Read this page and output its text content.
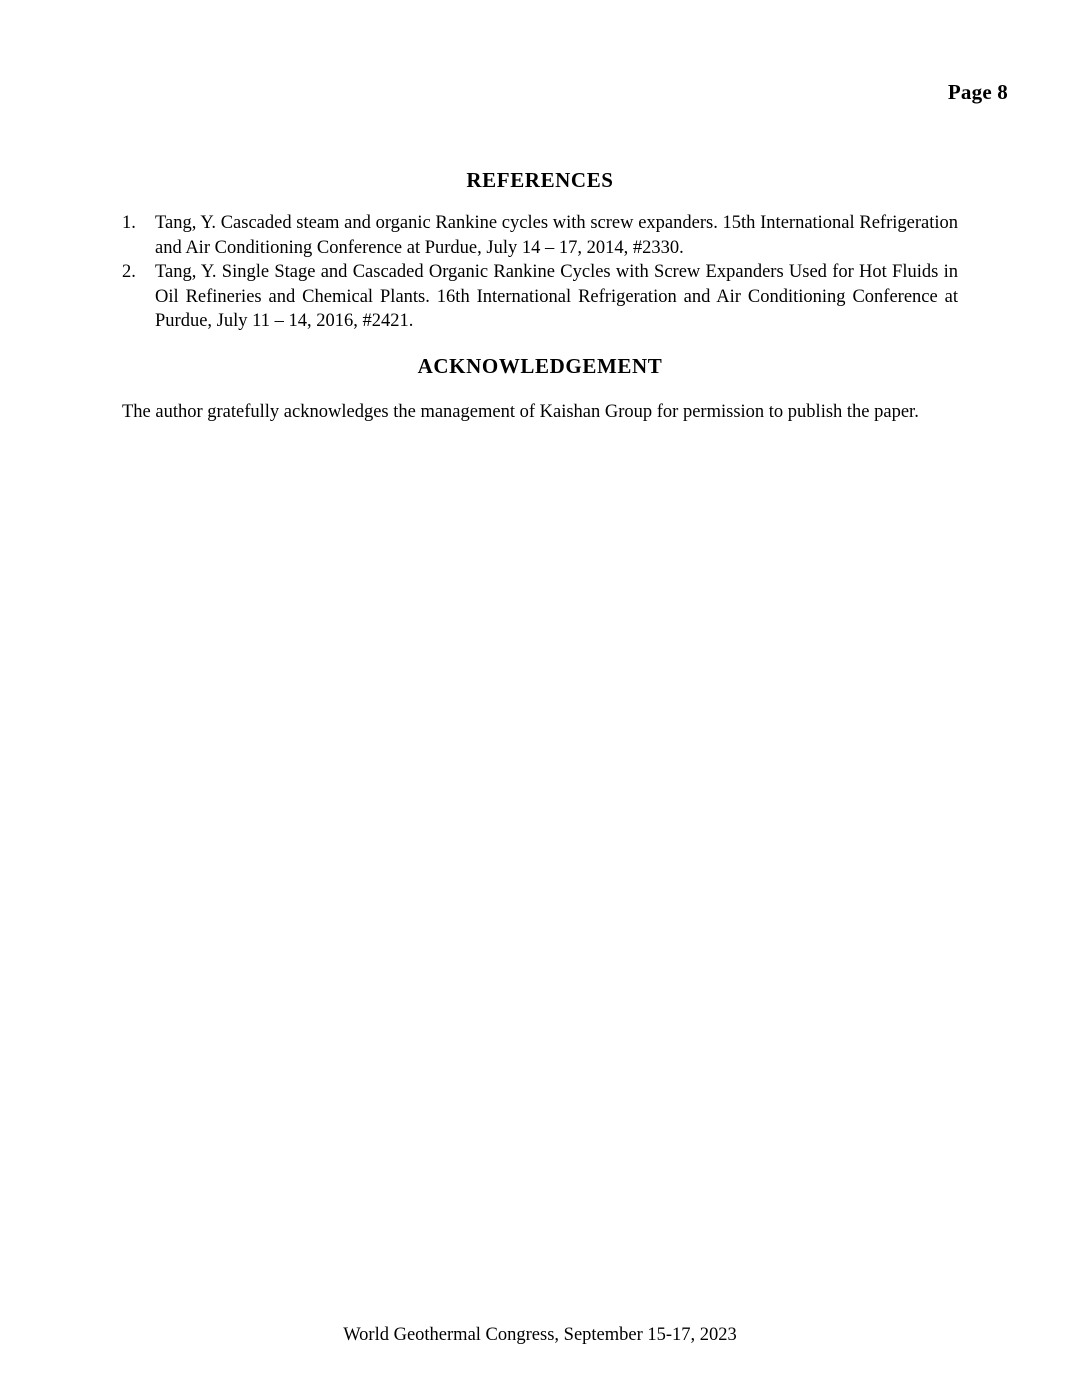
Page 8
REFERENCES
1.	Tang, Y. Cascaded steam and organic Rankine cycles with screw expanders. 15th International Refrigeration and Air Conditioning Conference at Purdue, July 14 – 17, 2014, #2330.
2.	Tang, Y. Single Stage and Cascaded Organic Rankine Cycles with Screw Expanders Used for Hot Fluids in Oil Refineries and Chemical Plants. 16th International Refrigeration and Air Conditioning Conference at Purdue, July 11 – 14, 2016, #2421.
ACKNOWLEDGEMENT
The author gratefully acknowledges the management of Kaishan Group for permission to publish the paper.
World Geothermal Congress, September 15-17, 2023
